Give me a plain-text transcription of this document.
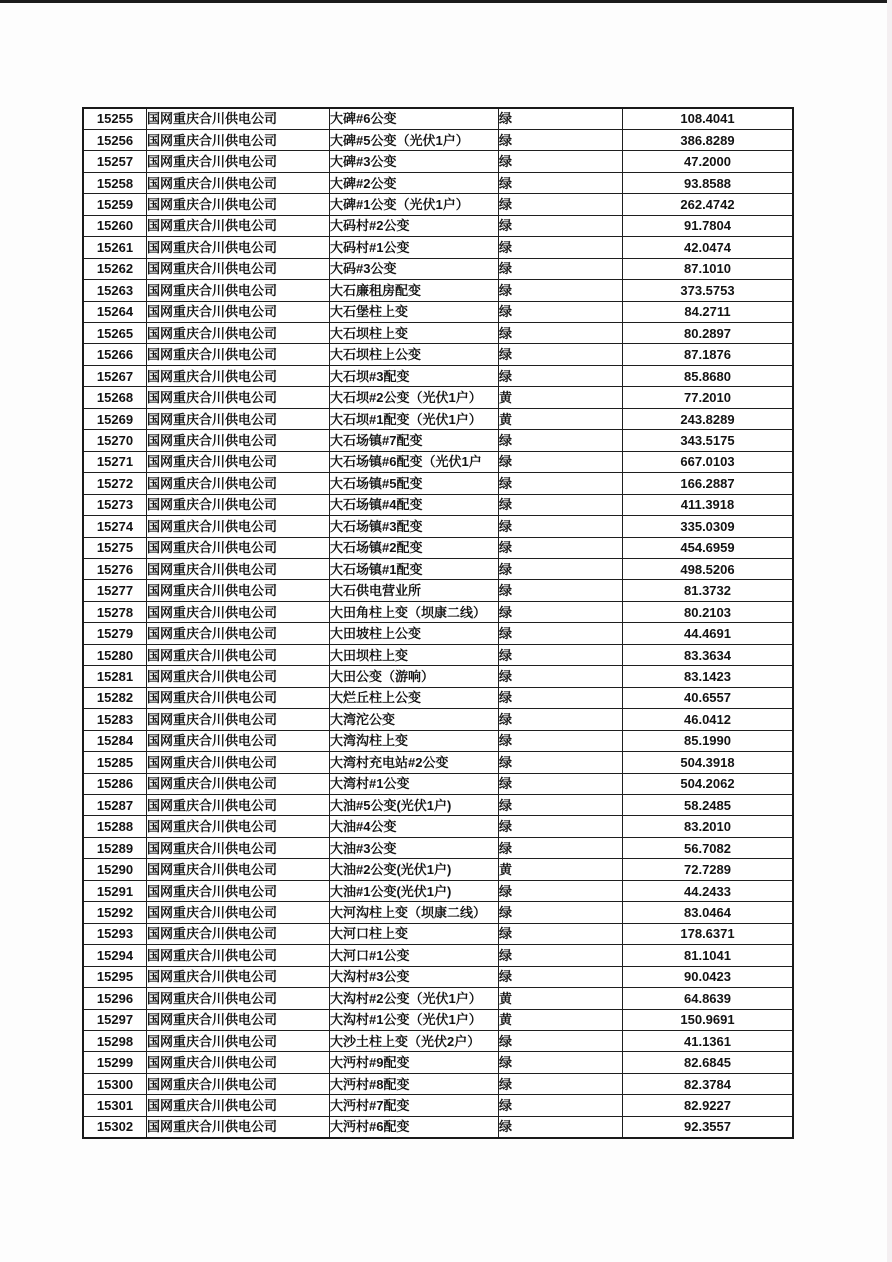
15255	国网重庆合川供电公司	大碑#6公变	绿	108.4041
15256	国网重庆合川供电公司	大碑#5公变（光伏1户）	绿	386.8289
15257	国网重庆合川供电公司	大碑#3公变	绿	47.2000
15258	国网重庆合川供电公司	大碑#2公变	绿	93.8588
15259	国网重庆合川供电公司	大碑#1公变（光伏1户）	绿	262.4742
15260	国网重庆合川供电公司	大码村#2公变	绿	91.7804
15261	国网重庆合川供电公司	大码村#1公变	绿	42.0474
15262	国网重庆合川供电公司	大码#3公变	绿	87.1010
15263	国网重庆合川供电公司	大石廉租房配变	绿	373.5753
15264	国网重庆合川供电公司	大石堡柱上变	绿	84.2711
15265	国网重庆合川供电公司	大石坝柱上变	绿	80.2897
15266	国网重庆合川供电公司	大石坝柱上公变	绿	87.1876
15267	国网重庆合川供电公司	大石坝#3配变	绿	85.8680
15268	国网重庆合川供电公司	大石坝#2公变（光伏1户）	黄	77.2010
15269	国网重庆合川供电公司	大石坝#1配变（光伏1户）	黄	243.8289
15270	国网重庆合川供电公司	大石场镇#7配变	绿	343.5175
15271	国网重庆合川供电公司	大石场镇#6配变（光伏1户	绿	667.0103
15272	国网重庆合川供电公司	大石场镇#5配变	绿	166.2887
15273	国网重庆合川供电公司	大石场镇#4配变	绿	411.3918
15274	国网重庆合川供电公司	大石场镇#3配变	绿	335.0309
15275	国网重庆合川供电公司	大石场镇#2配变	绿	454.6959
15276	国网重庆合川供电公司	大石场镇#1配变	绿	498.5206
15277	国网重庆合川供电公司	大石供电营业所	绿	81.3732
15278	国网重庆合川供电公司	大田角柱上变（坝康二线）	绿	80.2103
15279	国网重庆合川供电公司	大田坡柱上公变	绿	44.4691
15280	国网重庆合川供电公司	大田坝柱上变	绿	83.3634
15281	国网重庆合川供电公司	大田公变（游响）	绿	83.1423
15282	国网重庆合川供电公司	大烂丘柱上公变	绿	40.6557
15283	国网重庆合川供电公司	大湾沱公变	绿	46.0412
15284	国网重庆合川供电公司	大湾沟柱上变	绿	85.1990
15285	国网重庆合川供电公司	大湾村充电站#2公变	绿	504.3918
15286	国网重庆合川供电公司	大湾村#1公变	绿	504.2062
15287	国网重庆合川供电公司	大油#5公变(光伏1户)	绿	58.2485
15288	国网重庆合川供电公司	大油#4公变	绿	83.2010
15289	国网重庆合川供电公司	大油#3公变	绿	56.7082
15290	国网重庆合川供电公司	大油#2公变(光伏1户)	黄	72.7289
15291	国网重庆合川供电公司	大油#1公变(光伏1户)	绿	44.2433
15292	国网重庆合川供电公司	大河沟柱上变（坝康二线）	绿	83.0464
15293	国网重庆合川供电公司	大河口柱上变	绿	178.6371
15294	国网重庆合川供电公司	大河口#1公变	绿	81.1041
15295	国网重庆合川供电公司	大沟村#3公变	绿	90.0423
15296	国网重庆合川供电公司	大沟村#2公变（光伏1户）	黄	64.8639
15297	国网重庆合川供电公司	大沟村#1公变（光伏1户）	黄	150.9691
15298	国网重庆合川供电公司	大沙土柱上变（光伏2户）	绿	41.1361
15299	国网重庆合川供电公司	大沔村#9配变	绿	82.6845
15300	国网重庆合川供电公司	大沔村#8配变	绿	82.3784
15301	国网重庆合川供电公司	大沔村#7配变	绿	82.9227
15302	国网重庆合川供电公司	大沔村#6配变	绿	92.3557
